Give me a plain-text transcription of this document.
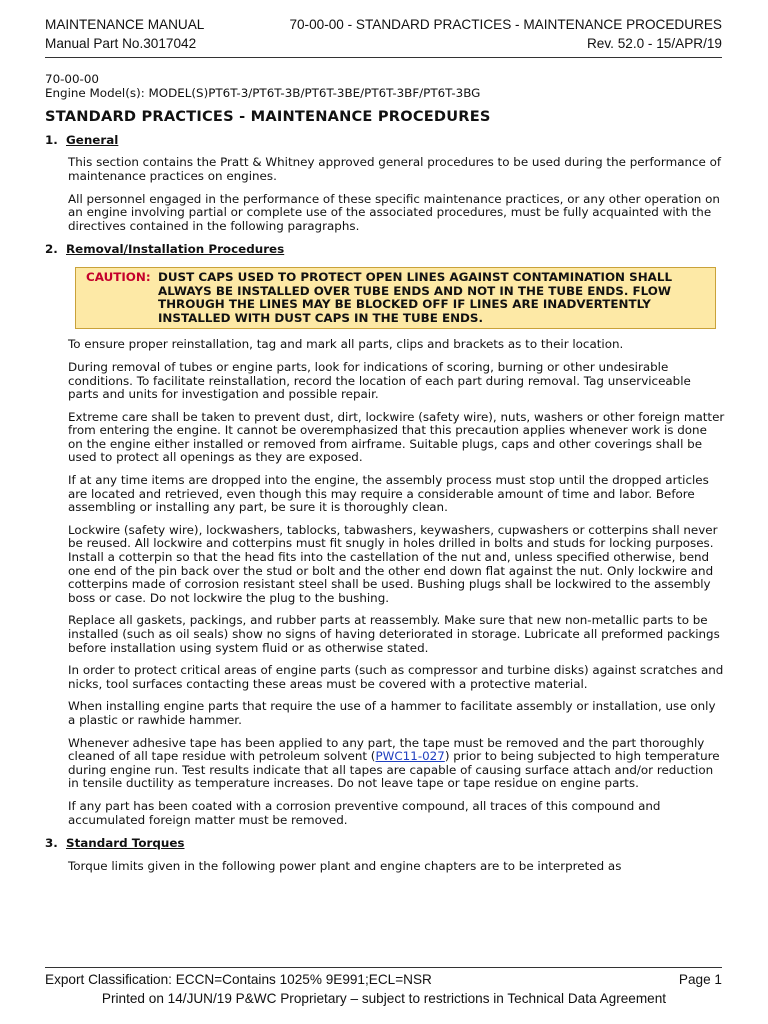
MAINTENANCE MANUAL	70-00-00 - STANDARD PRACTICES - MAINTENANCE PROCEDURES
Manual Part No.3017042	Rev. 52.0 - 15/APR/19

70-00-00

Engine Model(s): MODEL(S)PT6T-3/PT6T-3B/PT6T-3BE/PT6T-3BF/PT6T-3BG

STANDARD PRACTICES - MAINTENANCE PROCEDURES

1. General

This section contains the Pratt & Whitney approved general procedures to be used during the performance of maintenance practices on engines.

All personnel engaged in the performance of these specific maintenance practices, or any other operation on an engine involving partial or complete use of the associated procedures, must be fully acquainted with the directives contained in the following paragraphs.

2. Removal/Installation Procedures

CAUTION: DUST CAPS USED TO PROTECT OPEN LINES AGAINST CONTAMINATION SHALL ALWAYS BE INSTALLED OVER TUBE ENDS AND NOT IN THE TUBE ENDS. FLOW THROUGH THE LINES MAY BE BLOCKED OFF IF LINES ARE INADVERTENTLY INSTALLED WITH DUST CAPS IN THE TUBE ENDS.

To ensure proper reinstallation, tag and mark all parts, clips and brackets as to their location.

During removal of tubes or engine parts, look for indications of scoring, burning or other undesirable conditions. To facilitate reinstallation, record the location of each part during removal. Tag unserviceable parts and units for investigation and possible repair.

Extreme care shall be taken to prevent dust, dirt, lockwire (safety wire), nuts, washers or other foreign matter from entering the engine. It cannot be overemphasized that this precaution applies whenever work is done on the engine either installed or removed from airframe. Suitable plugs, caps and other coverings shall be used to protect all openings as they are exposed.

If at any time items are dropped into the engine, the assembly process must stop until the dropped articles are located and retrieved, even though this may require a considerable amount of time and labor. Before assembling or installing any part, be sure it is thoroughly clean.

Lockwire (safety wire), lockwashers, tablocks, tabwashers, keywashers, cupwashers or cotterpins shall never be reused. All lockwire and cotterpins must fit snugly in holes drilled in bolts and studs for locking purposes. Install a cotterpin so that the head fits into the castellation of the nut and, unless specified otherwise, bend one end of the pin back over the stud or bolt and the other end down flat against the nut. Only lockwire and cotterpins made of corrosion resistant steel shall be used. Bushing plugs shall be lockwired to the assembly boss or case. Do not lockwire the plug to the bushing.

Replace all gaskets, packings, and rubber parts at reassembly. Make sure that new non-metallic parts to be installed (such as oil seals) show no signs of having deteriorated in storage. Lubricate all preformed packings before installation using system fluid or as otherwise stated.

In order to protect critical areas of engine parts (such as compressor and turbine disks) against scratches and nicks, tool surfaces contacting these areas must be covered with a protective material.

When installing engine parts that require the use of a hammer to facilitate assembly or installation, use only a plastic or rawhide hammer.

Whenever adhesive tape has been applied to any part, the tape must be removed and the part thoroughly cleaned of all tape residue with petroleum solvent (PWC11-027) prior to being subjected to high temperature during engine run. Test results indicate that all tapes are capable of causing surface attach and/or reduction in tensile ductility as temperature increases. Do not leave tape or tape residue on engine parts.

If any part has been coated with a corrosion preventive compound, all traces of this compound and accumulated foreign matter must be removed.

3. Standard Torques

Torque limits given in the following power plant and engine chapters are to be interpreted as

Export Classification: ECCN=Contains 1025% 9E991;ECL=NSR	Page 1
Printed on 14/JUN/19 P&WC Proprietary – subject to restrictions in Technical Data Agreement
